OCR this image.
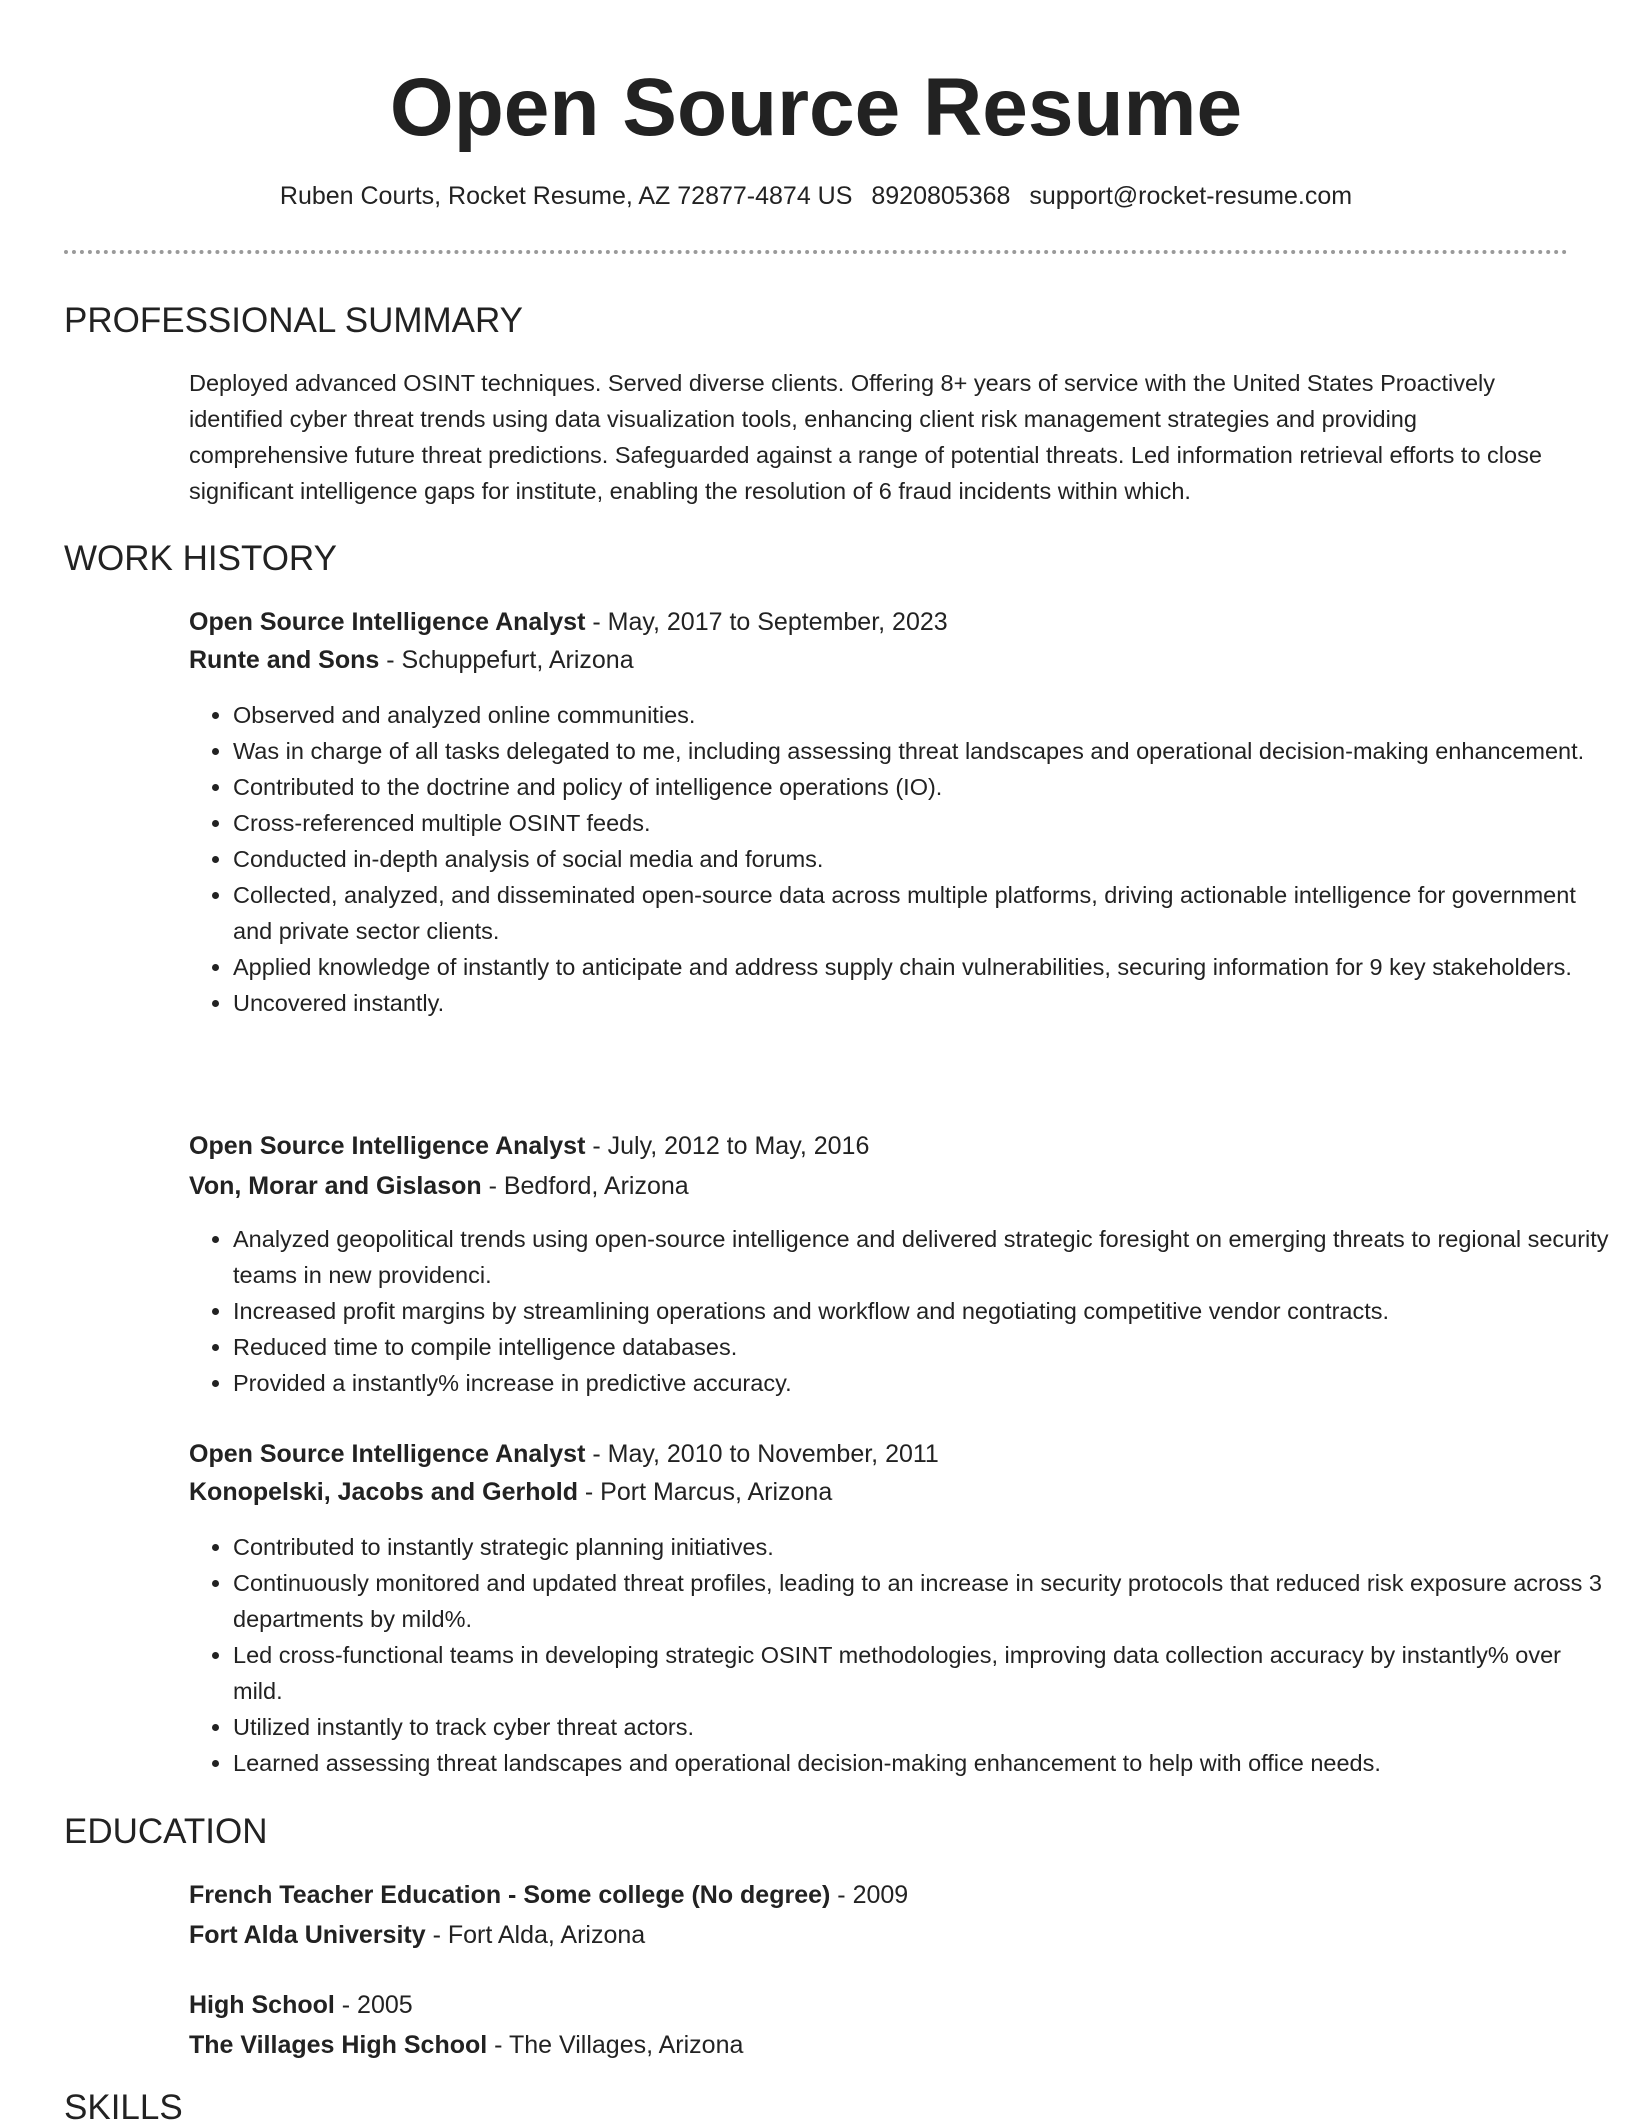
Open Source Resume
Ruben Courts, Rocket Resume, AZ 72877-4874 US 8920805368 support@rocket-resume.com
PROFESSIONAL SUMMARY
Deployed advanced OSINT techniques. Served diverse clients. Offering 8+ years of service with the United States Proactively identified cyber threat trends using data visualization tools, enhancing client risk management strategies and providing comprehensive future threat predictions. Safeguarded against a range of potential threats. Led information retrieval efforts to close significant intelligence gaps for institute, enabling the resolution of 6 fraud incidents within which.
WORK HISTORY
Open Source Intelligence Analyst - May, 2017 to September, 2023
Runte and Sons - Schuppefurt, Arizona
• Observed and analyzed online communities.
• Was in charge of all tasks delegated to me, including assessing threat landscapes and operational decision-making enhancement.
• Contributed to the doctrine and policy of intelligence operations (IO).
• Cross-referenced multiple OSINT feeds.
• Conducted in-depth analysis of social media and forums.
• Collected, analyzed, and disseminated open-source data across multiple platforms, driving actionable intelligence for government and private sector clients.
• Applied knowledge of instantly to anticipate and address supply chain vulnerabilities, securing information for 9 key stakeholders.
• Uncovered instantly.
Open Source Intelligence Analyst - July, 2012 to May, 2016
Von, Morar and Gislason - Bedford, Arizona
• Analyzed geopolitical trends using open-source intelligence and delivered strategic foresight on emerging threats to regional security teams in new providenci.
• Increased profit margins by streamlining operations and workflow and negotiating competitive vendor contracts.
• Reduced time to compile intelligence databases.
• Provided a instantly% increase in predictive accuracy.
Open Source Intelligence Analyst - May, 2010 to November, 2011
Konopelski, Jacobs and Gerhold - Port Marcus, Arizona
• Contributed to instantly strategic planning initiatives.
• Continuously monitored and updated threat profiles, leading to an increase in security protocols that reduced risk exposure across 3 departments by mild%.
• Led cross-functional teams in developing strategic OSINT methodologies, improving data collection accuracy by instantly% over mild.
• Utilized instantly to track cyber threat actors.
• Learned assessing threat landscapes and operational decision-making enhancement to help with office needs.
EDUCATION
French Teacher Education - Some college (No degree) - 2009
Fort Alda University - Fort Alda, Arizona
High School - 2005
The Villages High School - The Villages, Arizona
SKILLS
